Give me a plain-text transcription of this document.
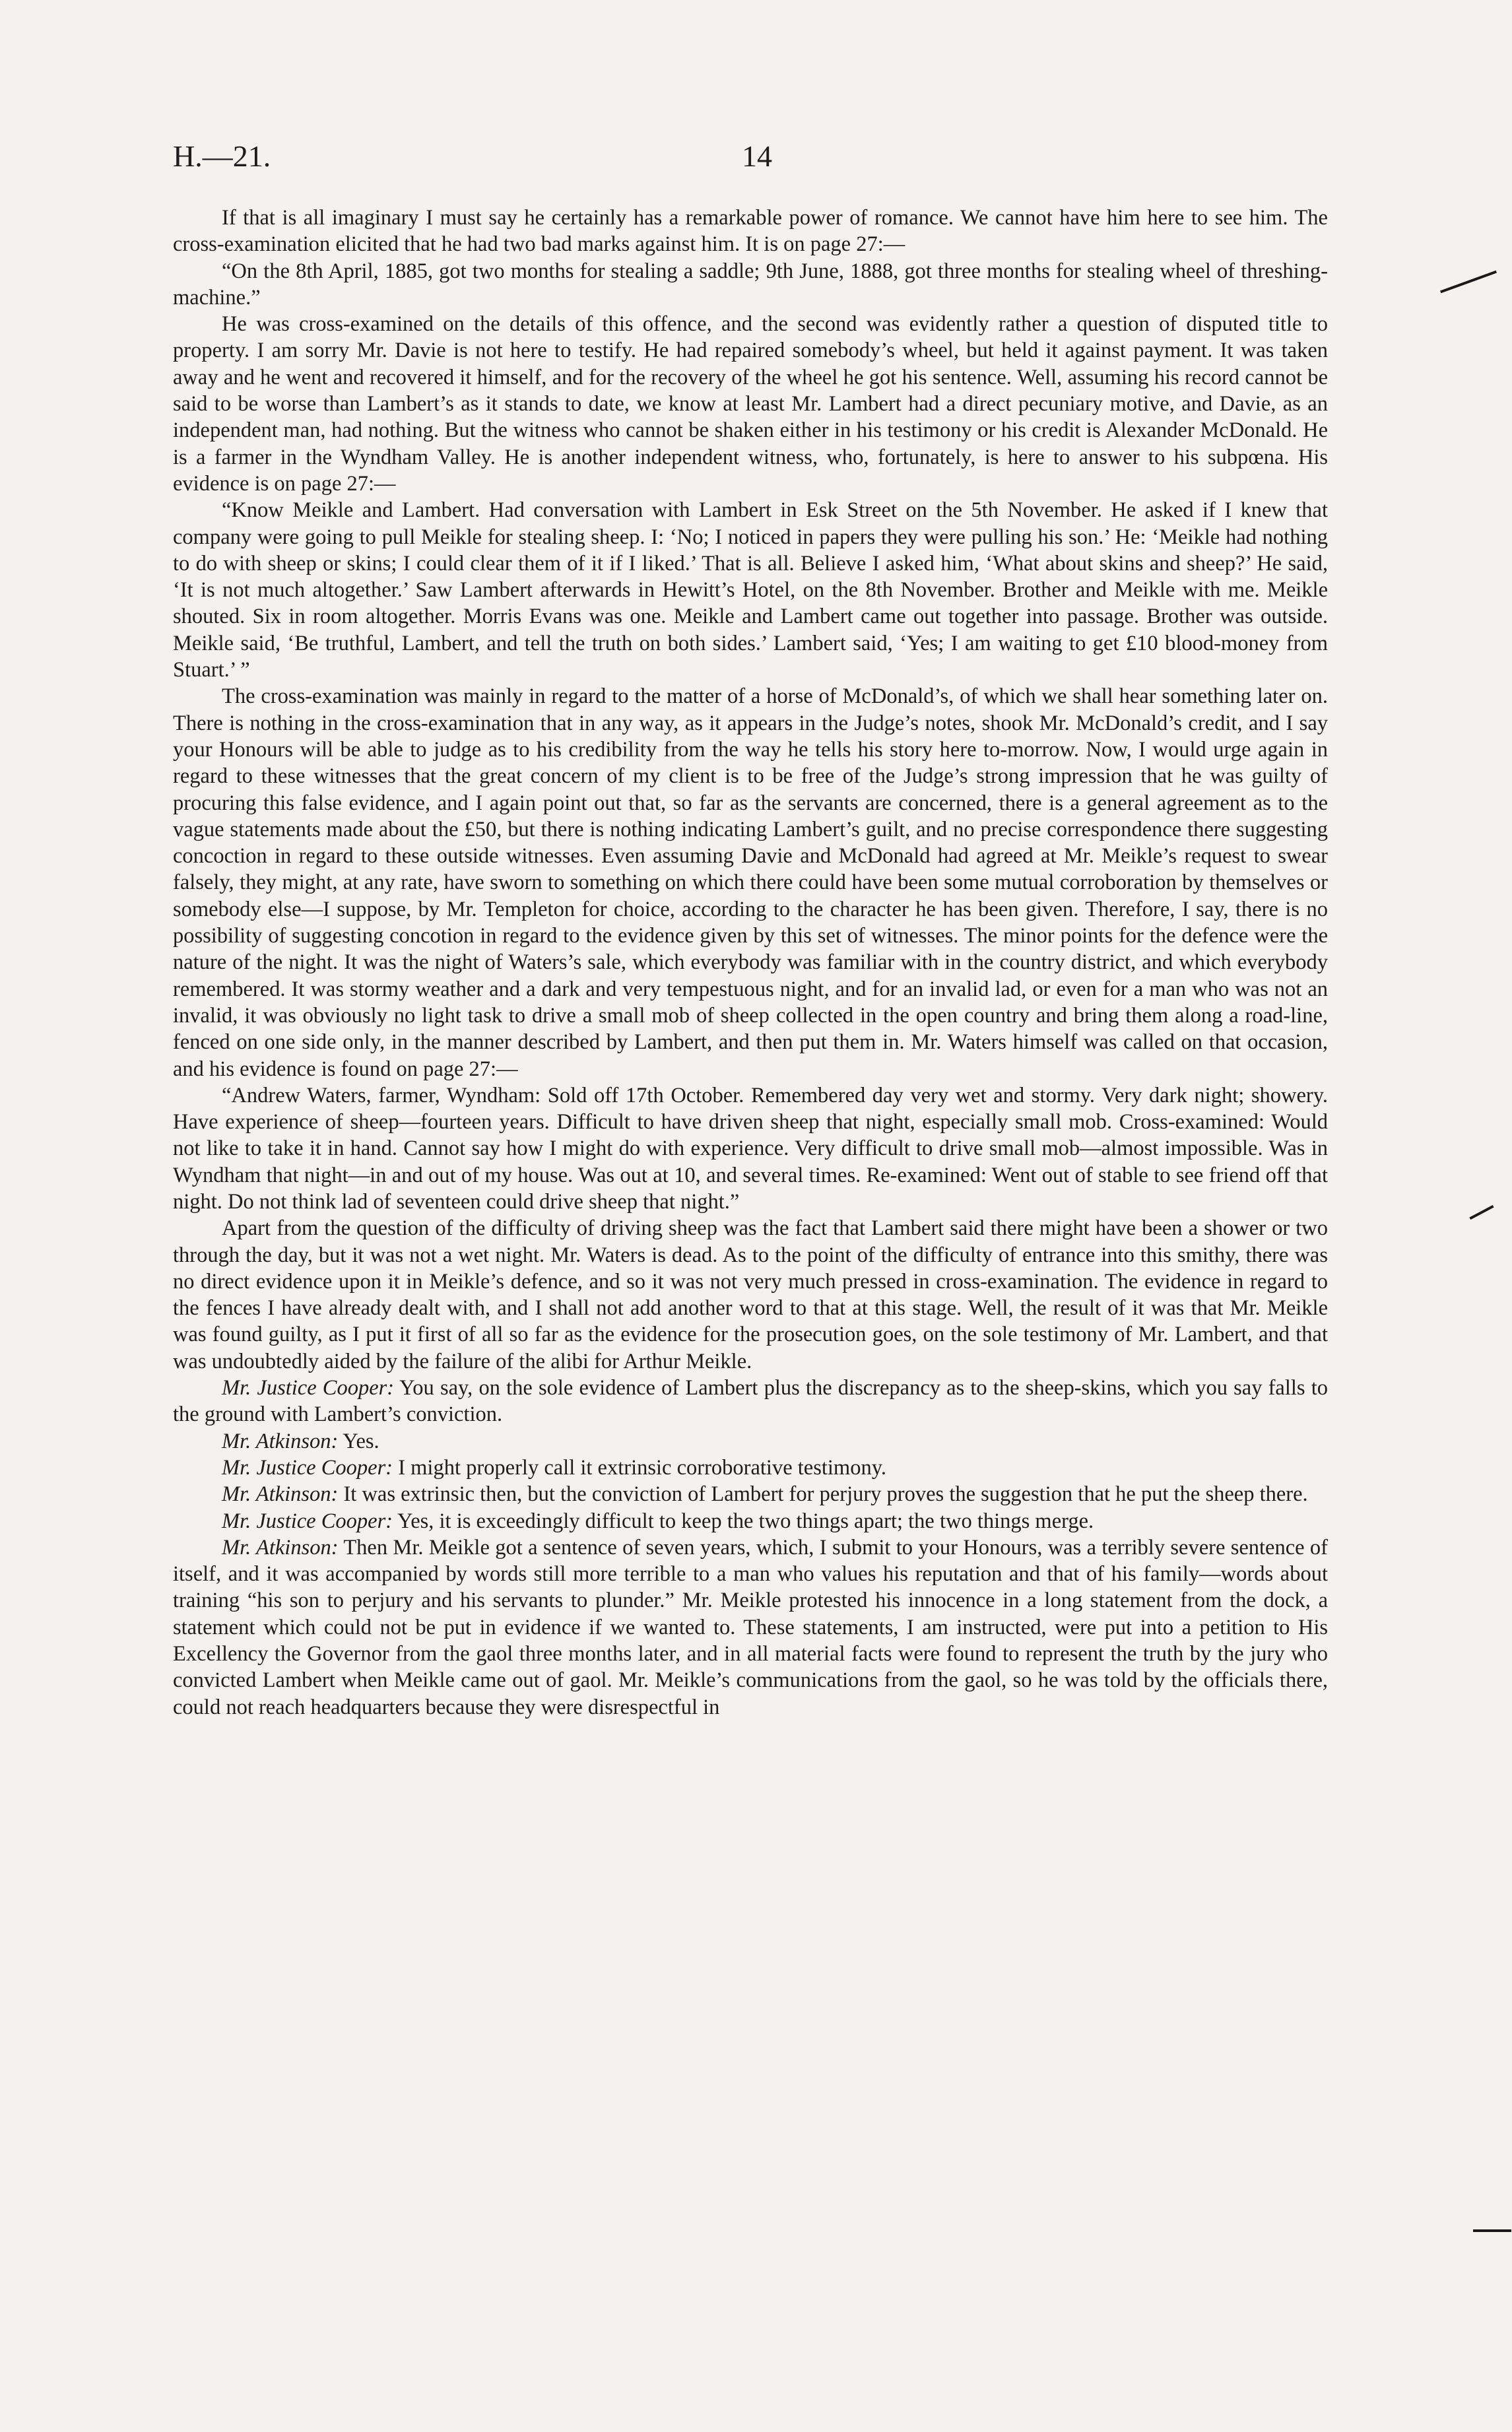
H.—21.	14

If that is all imaginary I must say he certainly has a remarkable power of romance. We cannot have him here to see him. The cross-examination elicited that he had two bad marks against him. It is on page 27:—

“On the 8th April, 1885, got two months for stealing a saddle; 9th June, 1888, got three months for stealing wheel of threshing-machine.”

He was cross-examined on the details of this offence, and the second was evidently rather a question of disputed title to property. I am sorry Mr. Davie is not here to testify. He had repaired somebody’s wheel, but held it against payment. It was taken away and he went and recovered it himself, and for the recovery of the wheel he got his sentence. Well, assuming his record cannot be said to be worse than Lambert’s as it stands to date, we know at least Mr. Lambert had a direct pecuniary motive, and Davie, as an independent man, had nothing. But the witness who cannot be shaken either in his testimony or his credit is Alexander McDonald. He is a farmer in the Wyndham Valley. He is another independent witness, who, fortunately, is here to answer to his subpœna. His evidence is on page 27:—

“Know Meikle and Lambert. Had conversation with Lambert in Esk Street on the 5th November. He asked if I knew that company were going to pull Meikle for stealing sheep. I: ‘No; I noticed in papers they were pulling his son.’ He: ‘Meikle had nothing to do with sheep or skins; I could clear them of it if I liked.’ That is all. Believe I asked him, ‘What about skins and sheep?’ He said, ‘It is not much altogether.’ Saw Lambert afterwards in Hewitt’s Hotel, on the 8th November. Brother and Meikle with me. Meikle shouted. Six in room altogether. Morris Evans was one. Meikle and Lambert came out together into passage. Brother was outside. Meikle said, ‘Be truthful, Lambert, and tell the truth on both sides.’ Lambert said, ‘Yes; I am waiting to get £10 blood-money from Stuart.’ ”

The cross-examination was mainly in regard to the matter of a horse of McDonald’s, of which we shall hear something later on. There is nothing in the cross-examination that in any way, as it appears in the Judge’s notes, shook Mr. McDonald’s credit, and I say your Honours will be able to judge as to his credibility from the way he tells his story here to-morrow. Now, I would urge again in regard to these witnesses that the great concern of my client is to be free of the Judge’s strong impression that he was guilty of procuring this false evidence, and I again point out that, so far as the servants are concerned, there is a general agreement as to the vague statements made about the £50, but there is nothing indicating Lambert’s guilt, and no precise correspondence there suggesting concoction in regard to these outside witnesses. Even assuming Davie and McDonald had agreed at Mr. Meikle’s request to swear falsely, they might, at any rate, have sworn to something on which there could have been some mutual corroboration by themselves or somebody else—I suppose, by Mr. Templeton for choice, according to the character he has been given. Therefore, I say, there is no possibility of suggesting concotion in regard to the evidence given by this set of witnesses. The minor points for the defence were the nature of the night. It was the night of Waters’s sale, which everybody was familiar with in the country district, and which everybody remembered. It was stormy weather and a dark and very tempestuous night, and for an invalid lad, or even for a man who was not an invalid, it was obviously no light task to drive a small mob of sheep collected in the open country and bring them along a road-line, fenced on one side only, in the manner described by Lambert, and then put them in. Mr. Waters himself was called on that occasion, and his evidence is found on page 27:—

“Andrew Waters, farmer, Wyndham: Sold off 17th October. Remembered day very wet and stormy. Very dark night; showery. Have experience of sheep—fourteen years. Difficult to have driven sheep that night, especially small mob. Cross-examined: Would not like to take it in hand. Cannot say how I might do with experience. Very difficult to drive small mob—almost impossible. Was in Wyndham that night—in and out of my house. Was out at 10, and several times. Re-examined: Went out of stable to see friend off that night. Do not think lad of seventeen could drive sheep that night.”

Apart from the question of the difficulty of driving sheep was the fact that Lambert said there might have been a shower or two through the day, but it was not a wet night. Mr. Waters is dead. As to the point of the difficulty of entrance into this smithy, there was no direct evidence upon it in Meikle’s defence, and so it was not very much pressed in cross-examination. The evidence in regard to the fences I have already dealt with, and I shall not add another word to that at this stage. Well, the result of it was that Mr. Meikle was found guilty, as I put it first of all so far as the evidence for the prosecution goes, on the sole testimony of Mr. Lambert, and that was undoubtedly aided by the failure of the alibi for Arthur Meikle.

Mr. Justice Cooper: You say, on the sole evidence of Lambert plus the discrepancy as to the sheep-skins, which you say falls to the ground with Lambert’s conviction.

Mr. Atkinson: Yes.

Mr. Justice Cooper: I might properly call it extrinsic corroborative testimony.

Mr. Atkinson: It was extrinsic then, but the conviction of Lambert for perjury proves the suggestion that he put the sheep there.

Mr. Justice Cooper: Yes, it is exceedingly difficult to keep the two things apart; the two things merge.

Mr. Atkinson: Then Mr. Meikle got a sentence of seven years, which, I submit to your Honours, was a terribly severe sentence of itself, and it was accompanied by words still more terrible to a man who values his reputation and that of his family—words about training “his son to perjury and his servants to plunder.” Mr. Meikle protested his innocence in a long statement from the dock, a statement which could not be put in evidence if we wanted to. These statements, I am instructed, were put into a petition to His Excellency the Governor from the gaol three months later, and in all material facts were found to represent the truth by the jury who convicted Lambert when Meikle came out of gaol. Mr. Meikle’s communications from the gaol, so he was told by the officials there, could not reach headquarters because they were disrespectful in
